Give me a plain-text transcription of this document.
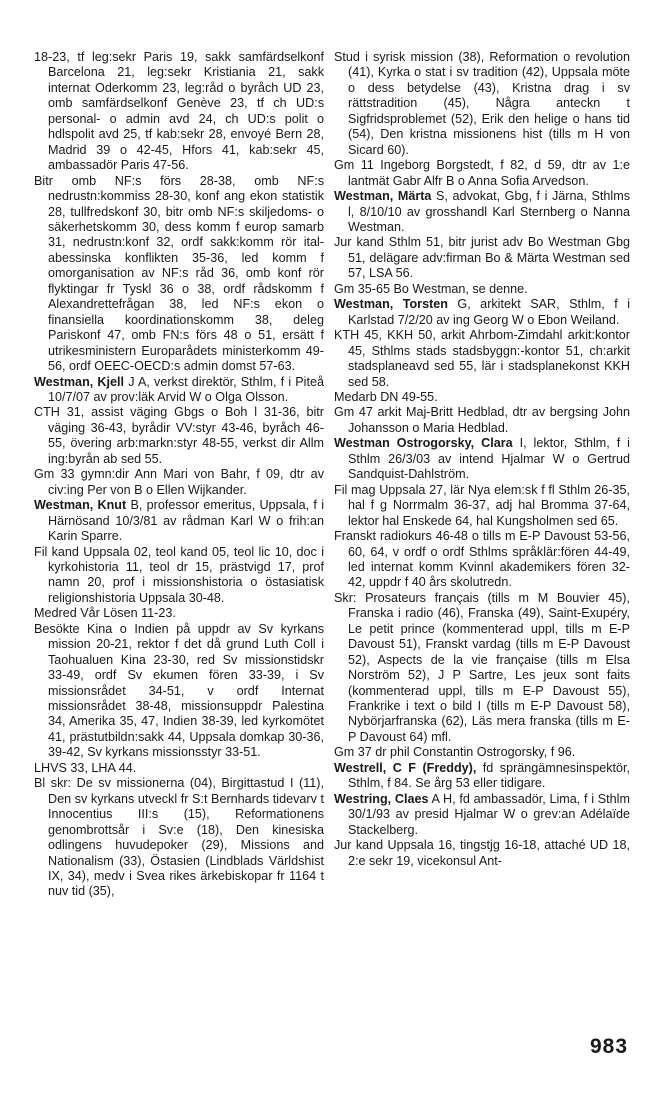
18-23, tf leg:sekr Paris 19, sakk samfärdselkonf Barcelona 21, leg:sekr Kristiania 21, sakk internat Oderkomm 23, leg:råd o byråch UD 23, omb samfärdselkonf Genève 23, tf ch UD:s personal- o admin avd 24, ch UD:s polit o hdlspolit avd 25, tf kab:sekr 28, envoyé Bern 28, Madrid 39 o 42-45, Hfors 41, kab:sekr 45, ambassadör Paris 47-56.

Bitr omb NF:s förs 28-38, omb NF:s nedrustn:kommiss 28-30, konf ang ekon statistik 28, tullfredskonf 30, bitr omb NF:s skiljedoms- o säkerhetskomm 30, dess komm f europ samarb 31, nedrustn:konf 32, ordf sakk:komm rör ital-abessinska konflikten 35-36, led komm f omorganisation av NF:s råd 36, omb konf rör flyktingar fr Tyskl 36 o 38, ordf rådskomm f Alexandrettefrågan 38, led NF:s ekon o finansiella koordinationskomm 38, deleg Pariskonf 47, omb FN:s förs 48 o 51, ersätt f utrikesministern Europarådets ministerkomm 49-56, ordf OEEC-OECD:s admin domst 57-63.

Westman, Kjell J A, verkst direktör, Sthlm, f i Piteå 10/7/07 av prov:läk Arvid W o Olga Olsson.

CTH 31, assist väging Gbgs o Boh l 31-36, bitr väging 36-43, byrådir VV:styr 43-46, byråch 46-55, övering arb:markn:styr 48-55, verkst dir Allm ing:byrån ab sed 55.

Gm 33 gymn:dir Ann Mari von Bahr, f 09, dtr av civ:ing Per von B o Ellen Wijkander.

Westman, Knut B, professor emeritus, Uppsala, f i Härnösand 10/3/81 av rådman Karl W o frih:an Karin Sparre.

Fil kand Uppsala 02, teol kand 05, teol lic 10, doc i kyrkohistoria 11, teol dr 15, prästvigd 17, prof namn 20, prof i missionshistoria o östasiatisk religionshistoria Uppsala 30-48.

Medred Vår Lösen 11-23.

Besökte Kina o Indien på uppdr av Sv kyrkans mission 20-21, rektor f det då grund Luth Coll i Taohualuen Kina 23-30, red Sv missionstidskr 33-49, ordf Sv ekumen fören 33-39, i Sv missionsrådet 34-51, v ordf Internat missionsrådet 38-48, missionsuppdr Palestina 34, Amerika 35, 47, Indien 38-39, led kyrkomötet 41, prästutbildn:sakk 44, Uppsala domkap 30-36, 39-42, Sv kyrkans missionsstyr 33-51.

LHVS 33, LHA 44.

Bl skr: De sv missionerna (04), Birgittastud I (11), Den sv kyrkans utveckl fr S:t Bernhards tidevarv t Innocentius III:s (15), Reformationens genombrottsår i Sv:e (18), Den kinesiska odlingens huvudepoker (29), Missions and Nationalism (33), Östasien (Lindblads Världshist IX, 34), medv i Svea rikes ärkebiskopar fr 1164 t nuv tid (35),

Stud i syrisk mission (38), Reformation o revolution (41), Kyrka o stat i sv tradition (42), Uppsala möte o dess betydelse (43), Kristna drag i sv rättstradition (45), Några anteckn t Sigfridsproblemet (52), Erik den helige o hans tid (54), Den kristna missionens hist (tills m H von Sicard 60).

Gm 11 Ingeborg Borgstedt, f 82, d 59, dtr av 1:e lantmät Gabr Alfr B o Anna Sofia Arvedson.

Westman, Märta S, advokat, Gbg, f i Järna, Sthlms l, 8/10/10 av grosshandl Karl Sternberg o Nanna Westman.

Jur kand Sthlm 51, bitr jurist adv Bo Westman Gbg 51, delägare adv:firman Bo & Märta Westman sed 57, LSA 56.

Gm 35-65 Bo Westman, se denne.

Westman, Torsten G, arkitekt SAR, Sthlm, f i Karlstad 7/2/20 av ing Georg W o Ebon Weiland.

KTH 45, KKH 50, arkit Ahrbom-Zimdahl arkit:kontor 45, Sthlms stads stadsbyggn:-kontor 51, ch:arkit stadsplaneavd sed 55, lär i stadsplanekonst KKH sed 58.

Medarb DN 49-55.

Gm 47 arkit Maj-Britt Hedblad, dtr av bergsing John Johansson o Maria Hedblad.

Westman Ostrogorsky, Clara I, lektor, Sthlm, f i Sthlm 26/3/03 av intend Hjalmar W o Gertrud Sandquist-Dahlström.

Fil mag Uppsala 27, lär Nya elem:sk f fl Sthlm 26-35, hal f g Norrmalm 36-37, adj hal Bromma 37-64, lektor hal Enskede 64, hal Kungsholmen sed 65.

Franskt radiokurs 46-48 o tills m E-P Davoust 53-56, 60, 64, v ordf o ordf Sthlms språklär:fören 44-49, led internat komm Kvinnl akademikers fören 32-42, uppdr f 40 års skolutredn.

Skr: Prosateurs français (tills m M Bouvier 45), Franska i radio (46), Franska (49), Saint-Exupéry, Le petit prince (kommenterad uppl, tills m E-P Davoust 51), Franskt vardag (tills m E-P Davoust 52), Aspects de la vie française (tills m Elsa Norström 52), J P Sartre, Les jeux sont faits (kommenterad uppl, tills m E-P Davoust 55), Frankrike i text o bild I (tills m E-P Davoust 58), Nybörjarfranska (62), Läs mera franska (tills m E-P Davoust 64) mfl.

Gm 37 dr phil Constantin Ostrogorsky, f 96.

Westrell, C F (Freddy), fd sprängämnesinspektör, Sthlm, f 84. Se årg 53 eller tidigare.

Westring, Claes A H, fd ambassadör, Lima, f i Sthlm 30/1/93 av presid Hjalmar W o grev:an Adélaïde Stackelberg.

Jur kand Uppsala 16, tingstjg 16-18, attaché UD 18, 2:e sekr 19, vicekonsul Ant-

983
